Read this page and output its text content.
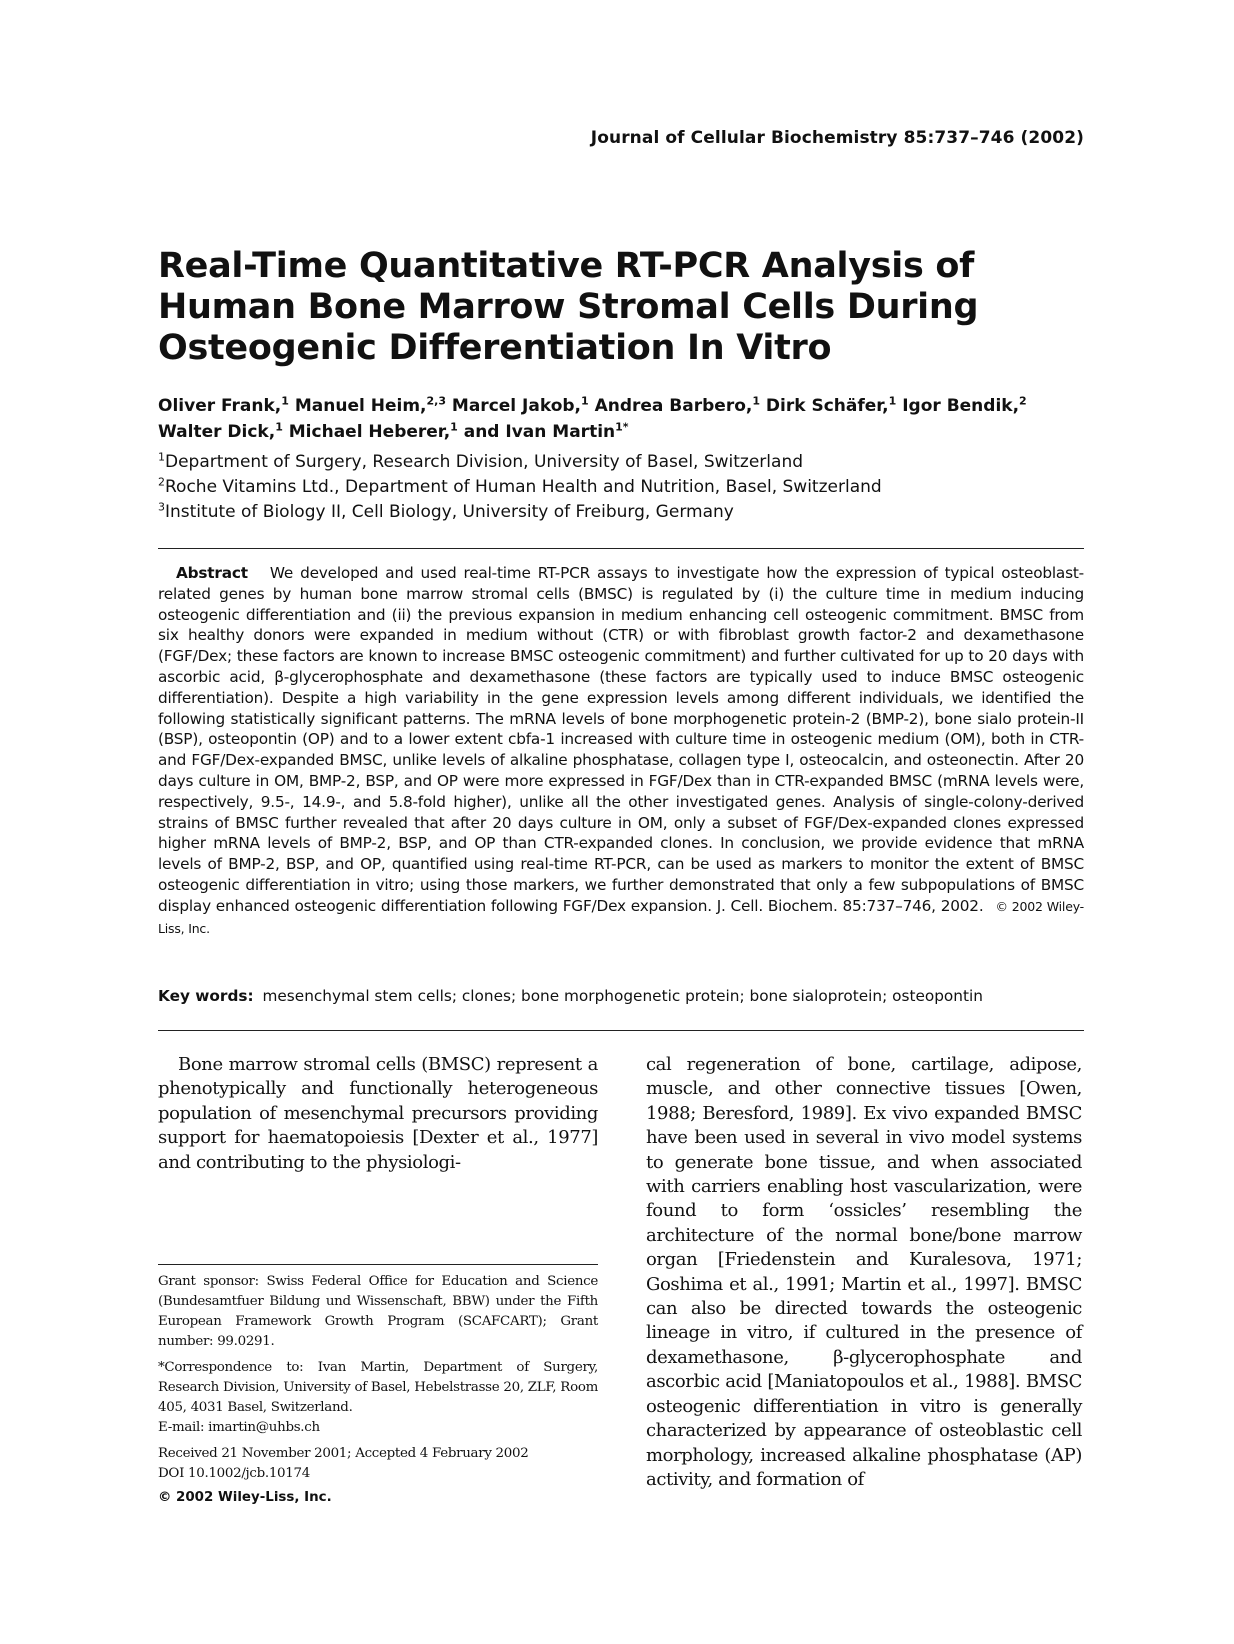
Journal of Cellular Biochemistry 85:737–746 (2002)
Real-Time Quantitative RT-PCR Analysis of Human Bone Marrow Stromal Cells During Osteogenic Differentiation In Vitro
Oliver Frank,$^1$ Manuel Heim,$^{2,3}$ Marcel Jakob,$^1$ Andrea Barbero,$^1$ Dirk Schäfer,$^1$ Igor Bendik,$^2$
Walter Dick,$^1$ Michael Heberer,$^1$ and Ivan Martin$^{1*}$
$^1$Department of Surgery, Research Division, University of Basel, Switzerland
$^2$Roche Vitamins Ltd., Department of Human Health and Nutrition, Basel, Switzerland
$^3$Institute of Biology II, Cell Biology, University of Freiburg, Germany
Abstract We developed and used real-time RT-PCR assays to investigate how the expression of typical osteoblast-related genes by human bone marrow stromal cells (BMSC) is regulated by (i) the culture time in medium inducing osteogenic differentiation and (ii) the previous expansion in medium enhancing cell osteogenic commitment. BMSC from six healthy donors were expanded in medium without (CTR) or with fibroblast growth factor-2 and dexamethasone (FGF/Dex; these factors are known to increase BMSC osteogenic commitment) and further cultivated for up to 20 days with ascorbic acid, β-glycerophosphate and dexamethasone (these factors are typically used to induce BMSC osteogenic differentiation). Despite a high variability in the gene expression levels among different individuals, we identified the following statistically significant patterns. The mRNA levels of bone morphogenetic protein-2 (BMP-2), bone sialo protein-II (BSP), osteopontin (OP) and to a lower extent cbfa-1 increased with culture time in osteogenic medium (OM), both in CTR- and FGF/Dex-expanded BMSC, unlike levels of alkaline phosphatase, collagen type I, osteocalcin, and osteonectin. After 20 days culture in OM, BMP-2, BSP, and OP were more expressed in FGF/Dex than in CTR-expanded BMSC (mRNA levels were, respectively, 9.5-, 14.9-, and 5.8-fold higher), unlike all the other investigated genes. Analysis of single-colony-derived strains of BMSC further revealed that after 20 days culture in OM, only a subset of FGF/Dex-expanded clones expressed higher mRNA levels of BMP-2, BSP, and OP than CTR-expanded clones. In conclusion, we provide evidence that mRNA levels of BMP-2, BSP, and OP, quantified using real-time RT-PCR, can be used as markers to monitor the extent of BMSC osteogenic differentiation in vitro; using those markers, we further demonstrated that only a few subpopulations of BMSC display enhanced osteogenic differentiation following FGF/Dex expansion. J. Cell. Biochem. 85:737–746, 2002. © 2002 Wiley-Liss, Inc.
Key words: mesenchymal stem cells; clones; bone morphogenetic protein; bone sialoprotein; osteopontin
Bone marrow stromal cells (BMSC) represent a phenotypically and functionally heterogeneous population of mesenchymal precursors providing support for haematopoiesis [Dexter et al., 1977] and contributing to the physiologi-
cal regeneration of bone, cartilage, adipose, muscle, and other connective tissues [Owen, 1988; Beresford, 1989]. Ex vivo expanded BMSC have been used in several in vivo model systems to generate bone tissue, and when associated with carriers enabling host vascularization, were found to form ‘ossicles’ resembling the architecture of the normal bone/bone marrow organ [Friedenstein and Kuralesova, 1971; Goshima et al., 1991; Martin et al., 1997]. BMSC can also be directed towards the osteogenic lineage in vitro, if cultured in the presence of dexamethasone, β-glycerophosphate and ascorbic acid [Maniatopoulos et al., 1988]. BMSC osteogenic differentiation in vitro is generally characterized by appearance of osteoblastic cell morphology, increased alkaline phosphatase (AP) activity, and formation of

Grant sponsor: Swiss Federal Office for Education and Science (Bundesamtfuer Bildung und Wissenschaft, BBW) under the Fifth European Framework Growth Program (SCAFCART); Grant number: 99.0291.

*Correspondence to: Ivan Martin, Department of Surgery, Research Division, University of Basel, Hebelstrasse 20, ZLF, Room 405, 4031 Basel, Switzerland.

E-mail: imartin@uhbs.ch

Received 21 November 2001; Accepted 4 February 2002

DOI 10.1002/jcb.10174

© 2002 Wiley-Liss, Inc.
